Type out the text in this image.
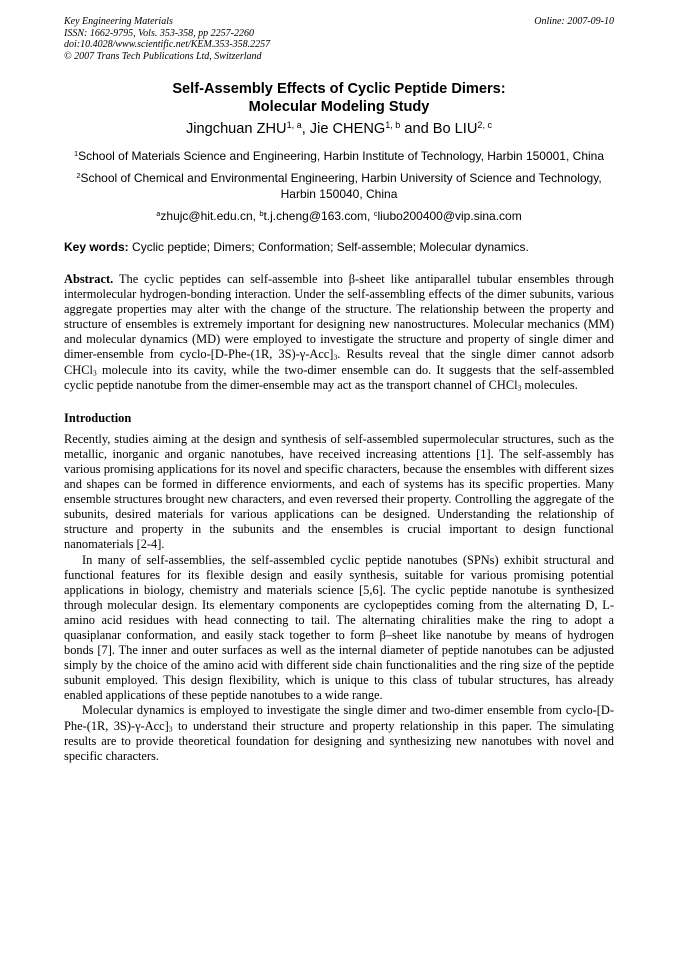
Key Engineering Materials
ISSN: 1662-9795, Vols. 353-358, pp 2257-2260
doi:10.4028/www.scientific.net/KEM.353-358.2257
© 2007 Trans Tech Publications Ltd, Switzerland
Online: 2007-09-10
Self-Assembly Effects of Cyclic Peptide Dimers:
Molecular Modeling Study
Jingchuan ZHU$^{1, a}$, Jie CHENG$^{1, b}$ and Bo LIU$^{2, c}$
$^1$School of Materials Science and Engineering, Harbin Institute of Technology, Harbin 150001, China
$^2$School of Chemical and Environmental Engineering, Harbin University of Science and Technology, Harbin 150040, China
$^a$zhujc@hit.edu.cn, $^b$t.j.cheng@163.com, $^c$liubo200400@vip.sina.com
Key words: Cyclic peptide; Dimers; Conformation; Self-assemble; Molecular dynamics.
Abstract. The cyclic peptides can self-assemble into β-sheet like antiparallel tubular ensembles through intermolecular hydrogen-bonding interaction. Under the self-assembling effects of the dimer subunits, various aggregate properties may alter with the change of the structure. The relationship between the property and structure of ensembles is extremely important for designing new nanostructures. Molecular mechanics (MM) and molecular dynamics (MD) were employed to investigate the structure and property of single dimer and dimer-ensemble from cyclo-[D-Phe-(1R, $3S)-\gamma-Acc]_3$. Results reveal that the single dimer cannot adsorb CHCl$_3$ molecule into its cavity, while the two-dimer ensemble can do. It suggests that the self-assembled cyclic peptide nanotube from the dimer-ensemble may act as the transport channel of CHCl$_3$ molecules.
Introduction
Recently, studies aiming at the design and synthesis of self-assembled supermolecular structures, such as the metallic, inorganic and organic nanotubes, have received increasing attentions [1]. The self-assembly has various promising applications for its novel and specific characters, because the ensembles with different sizes and shapes can be formed in difference enviorments, and each of systems has its specific properties. Many ensemble structures brought new characters, and even reversed their property. Controlling the aggregate of the subunits, desired materials for various applications can be designed. Understanding the relationship of structure and property in the subunits and the ensembles is crucial important to design functional nanomaterials [2-4].
In many of self-assemblies, the self-assembled cyclic peptide nanotubes (SPNs) exhibit structural and functional features for its flexible design and easily synthesis, suitable for various promising potential applications in biology, chemistry and materials science [5,6]. The cyclic peptide nanotube is synthesized through molecular design. Its elementary components are cyclopeptides coming from the alternating D, L-amino acid residues with head connecting to tail. The alternating chiralities make the ring to adopt a quasiplanar conformation, and easily stack together to form β–sheet like nanotube by means of hydrogen bonds [7]. The inner and outer surfaces as well as the internal diameter of peptide nanotubes can be adjusted simply by the choice of the amino acid with different side chain functionalities and the ring size of the peptide subunit employed. This design flexibility, which is unique to this class of tubular structures, has already enabled applications of these peptide nanotubes to a wide range.
Molecular dynamics is employed to investigate the single dimer and two-dimer ensemble from cyclo-[D-Phe-(1R, $3S)-\gamma-Acc]_3$ to understand their structure and property relationship in this paper. The simulating results are to provide theoretical foundation for designing and synthesizing new nanotubes with novel and specific characters.
